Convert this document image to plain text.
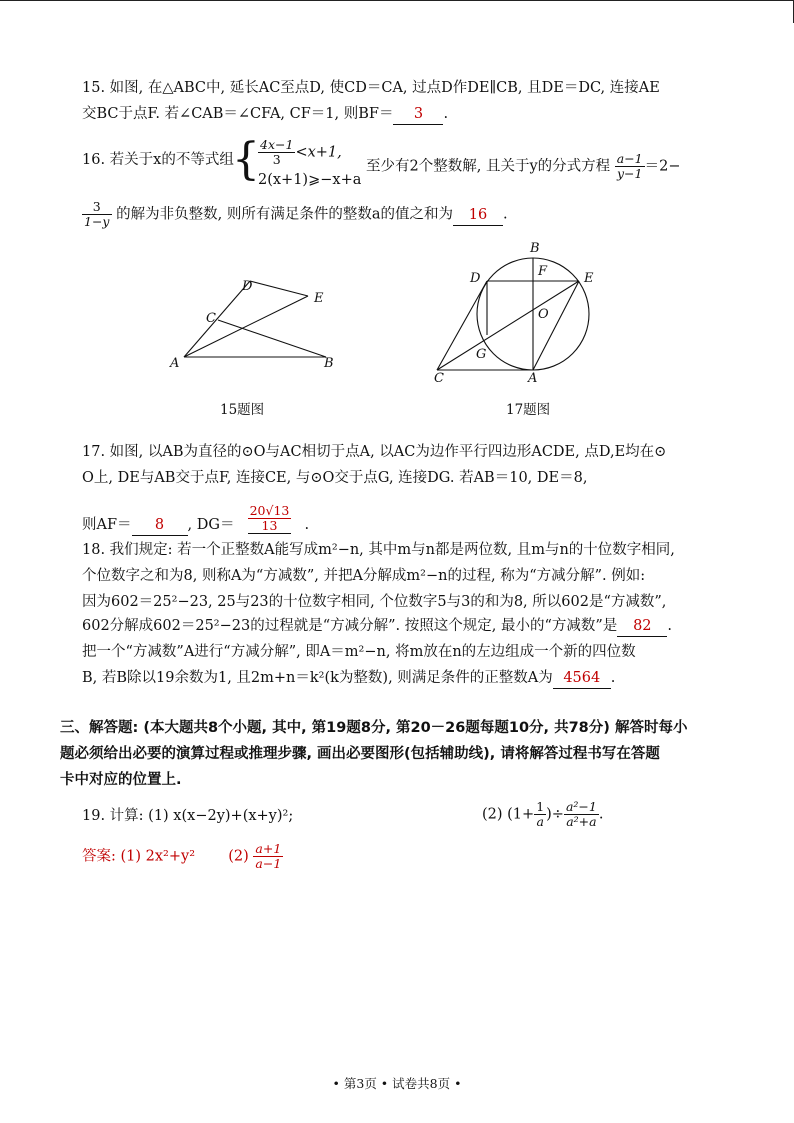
15. 如图, 在△ABC中, 延长AC至点D, 使CD＝CA, 过点D作DE∥CB, 且DE＝DC, 连接AE
交BC于点F. 若∠CAB＝∠CFA, CF＝1, 则BF＝ 3 .
16. 若关于x的不等式组
{
$\frac{4x-1}{3} <x+1$,
2(x+1)⩾−x+a
至少有2个整数解, 且关于y的分式方程 $\frac{a-1}{y-1} =2-$
$\frac{3}{1-y}$ 的解为非负整数, 则所有满足条件的整数a的值之和为 16 .
A	B
C
D
E
15题图
B
D	F	E
O
G
C	A
17题图
17. 如图, 以AB为直径的⊙O与AC相切于点A, 以AC为边作平行四边形ACDE, 点D,E均在⊙
O上, DE与AB交于点F, 连接CE, 与⊙O交于点G, 连接DG. 若AB＝10, DE＝8,
则AF＝ 8 , $DG= \frac{20√13}{13}$ .
18. 我们规定: 若一个正整数A能写成m²−n, 其中m与n都是两位数, 且m与n的十位数字相同,
个位数字之和为8, 则称A为“方减数”, 并把A分解成m²−n的过程, 称为“方减分解”. 例如:
因为602＝25²−23, 25与23的十位数字相同, 个位数字5与3的和为8, 所以602是“方减数”,
602分解成602＝25²−23的过程就是“方减分解”. 按照这个规定, 最小的“方减数”是 82 .
把一个“方减数”A进行“方减分解”, 即A＝m²−n, 将m放在n的左边组成一个新的四位数
B, 若B除以19余数为1, 且2m+n＝k²(k为整数), 则满足条件的正整数A为 4564 .
三、解答题: (本大题共8个小题, 其中, 第19题8分, 第20－26题每题10分, 共78分) 解答时每小
题必须给出必要的演算过程或推理步骤, 画出必要图形(包括辅助线), 请将解答过程书写在答题
卡中对应的位置上.
19. 计算: (1) x(x−2y)+(x+y)²;	(2) ($1+ \frac{1}{a}$ )÷ $\frac{\text{a²−1}}{\text{a²+a}}$ .
答案: (1) 2x²+y² $(2) \frac{a+1}{a-1}$
• 第3页 • 试卷共8页 •
